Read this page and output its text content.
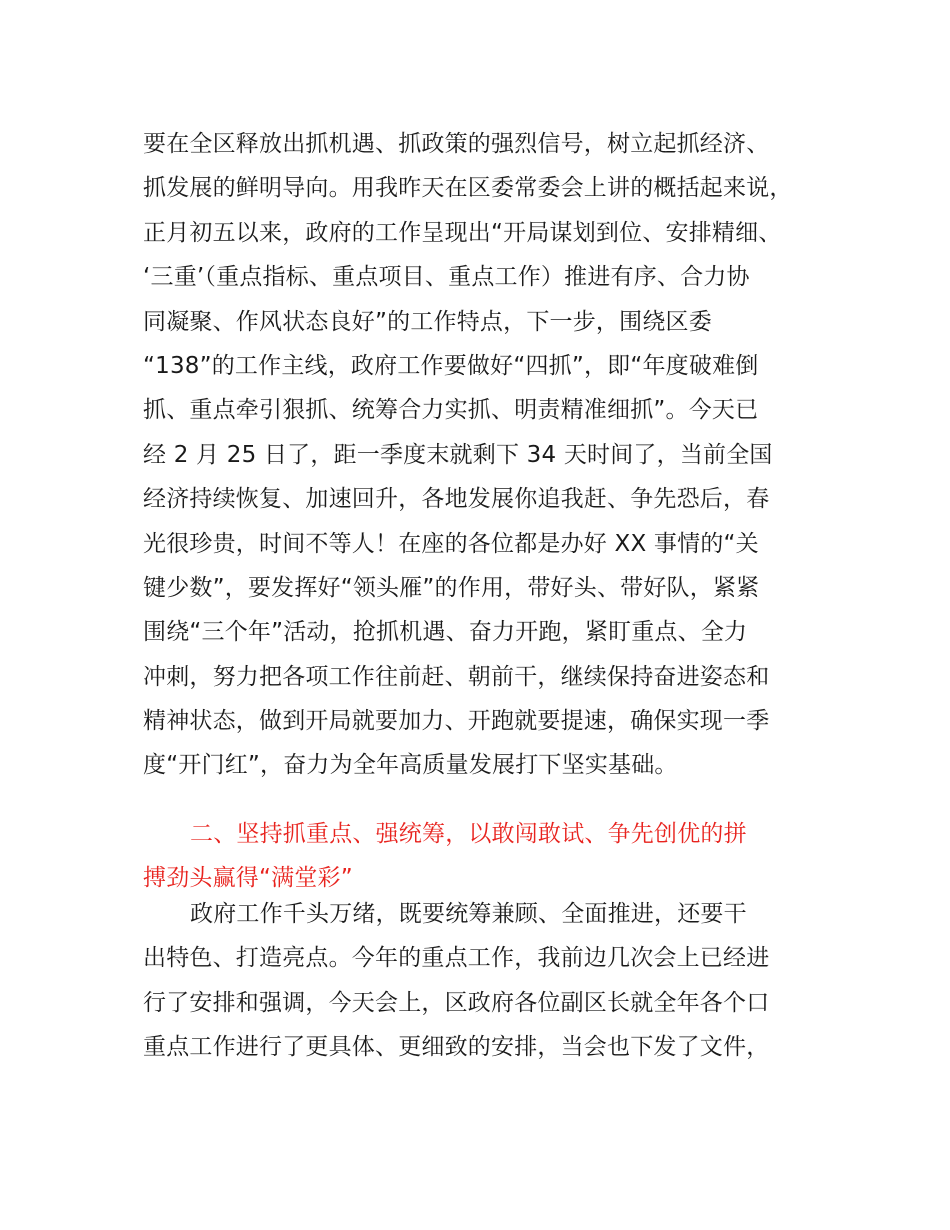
要在全区释放出抓机遇、抓政策的强烈信号，树立起抓经济、
抓发展的鲜明导向。用我昨天在区委常委会上讲的概括起来说，
正月初五以来，政府的工作呈现出“开局谋划到位、安排精细、
‘三重’（重点指标、重点项目、重点工作）推进有序、合力协
同凝聚、作风状态良好”的工作特点，下一步，围绕区委
“138”的工作主线，政府工作要做好“四抓”，即“年度破难倒
抓、重点牵引狠抓、统筹合力实抓、明责精准细抓”。今天已
经 2 月 25 日了，距一季度末就剩下 34 天时间了，当前全国
经济持续恢复、加速回升，各地发展你追我赶、争先恐后，春
光很珍贵，时间不等人！在座的各位都是办好 XX 事情的“关
键少数”，要发挥好“领头雁”的作用，带好头、带好队，紧紧
围绕“三个年”活动，抢抓机遇、奋力开跑，紧盯重点、全力
冲刺，努力把各项工作往前赶、朝前干，继续保持奋进姿态和
精神状态，做到开局就要加力、开跑就要提速，确保实现一季
度“开门红”，奋力为全年高质量发展打下坚实基础。
二、坚持抓重点、强统筹，以敢闯敢试、争先创优的拼
搏劲头赢得“满堂彩”
政府工作千头万绪，既要统筹兼顾、全面推进，还要干
出特色、打造亮点。今年的重点工作，我前边几次会上已经进
行了安排和强调，今天会上，区政府各位副区长就全年各个口
重点工作进行了更具体、更细致的安排，当会也下发了文件，
